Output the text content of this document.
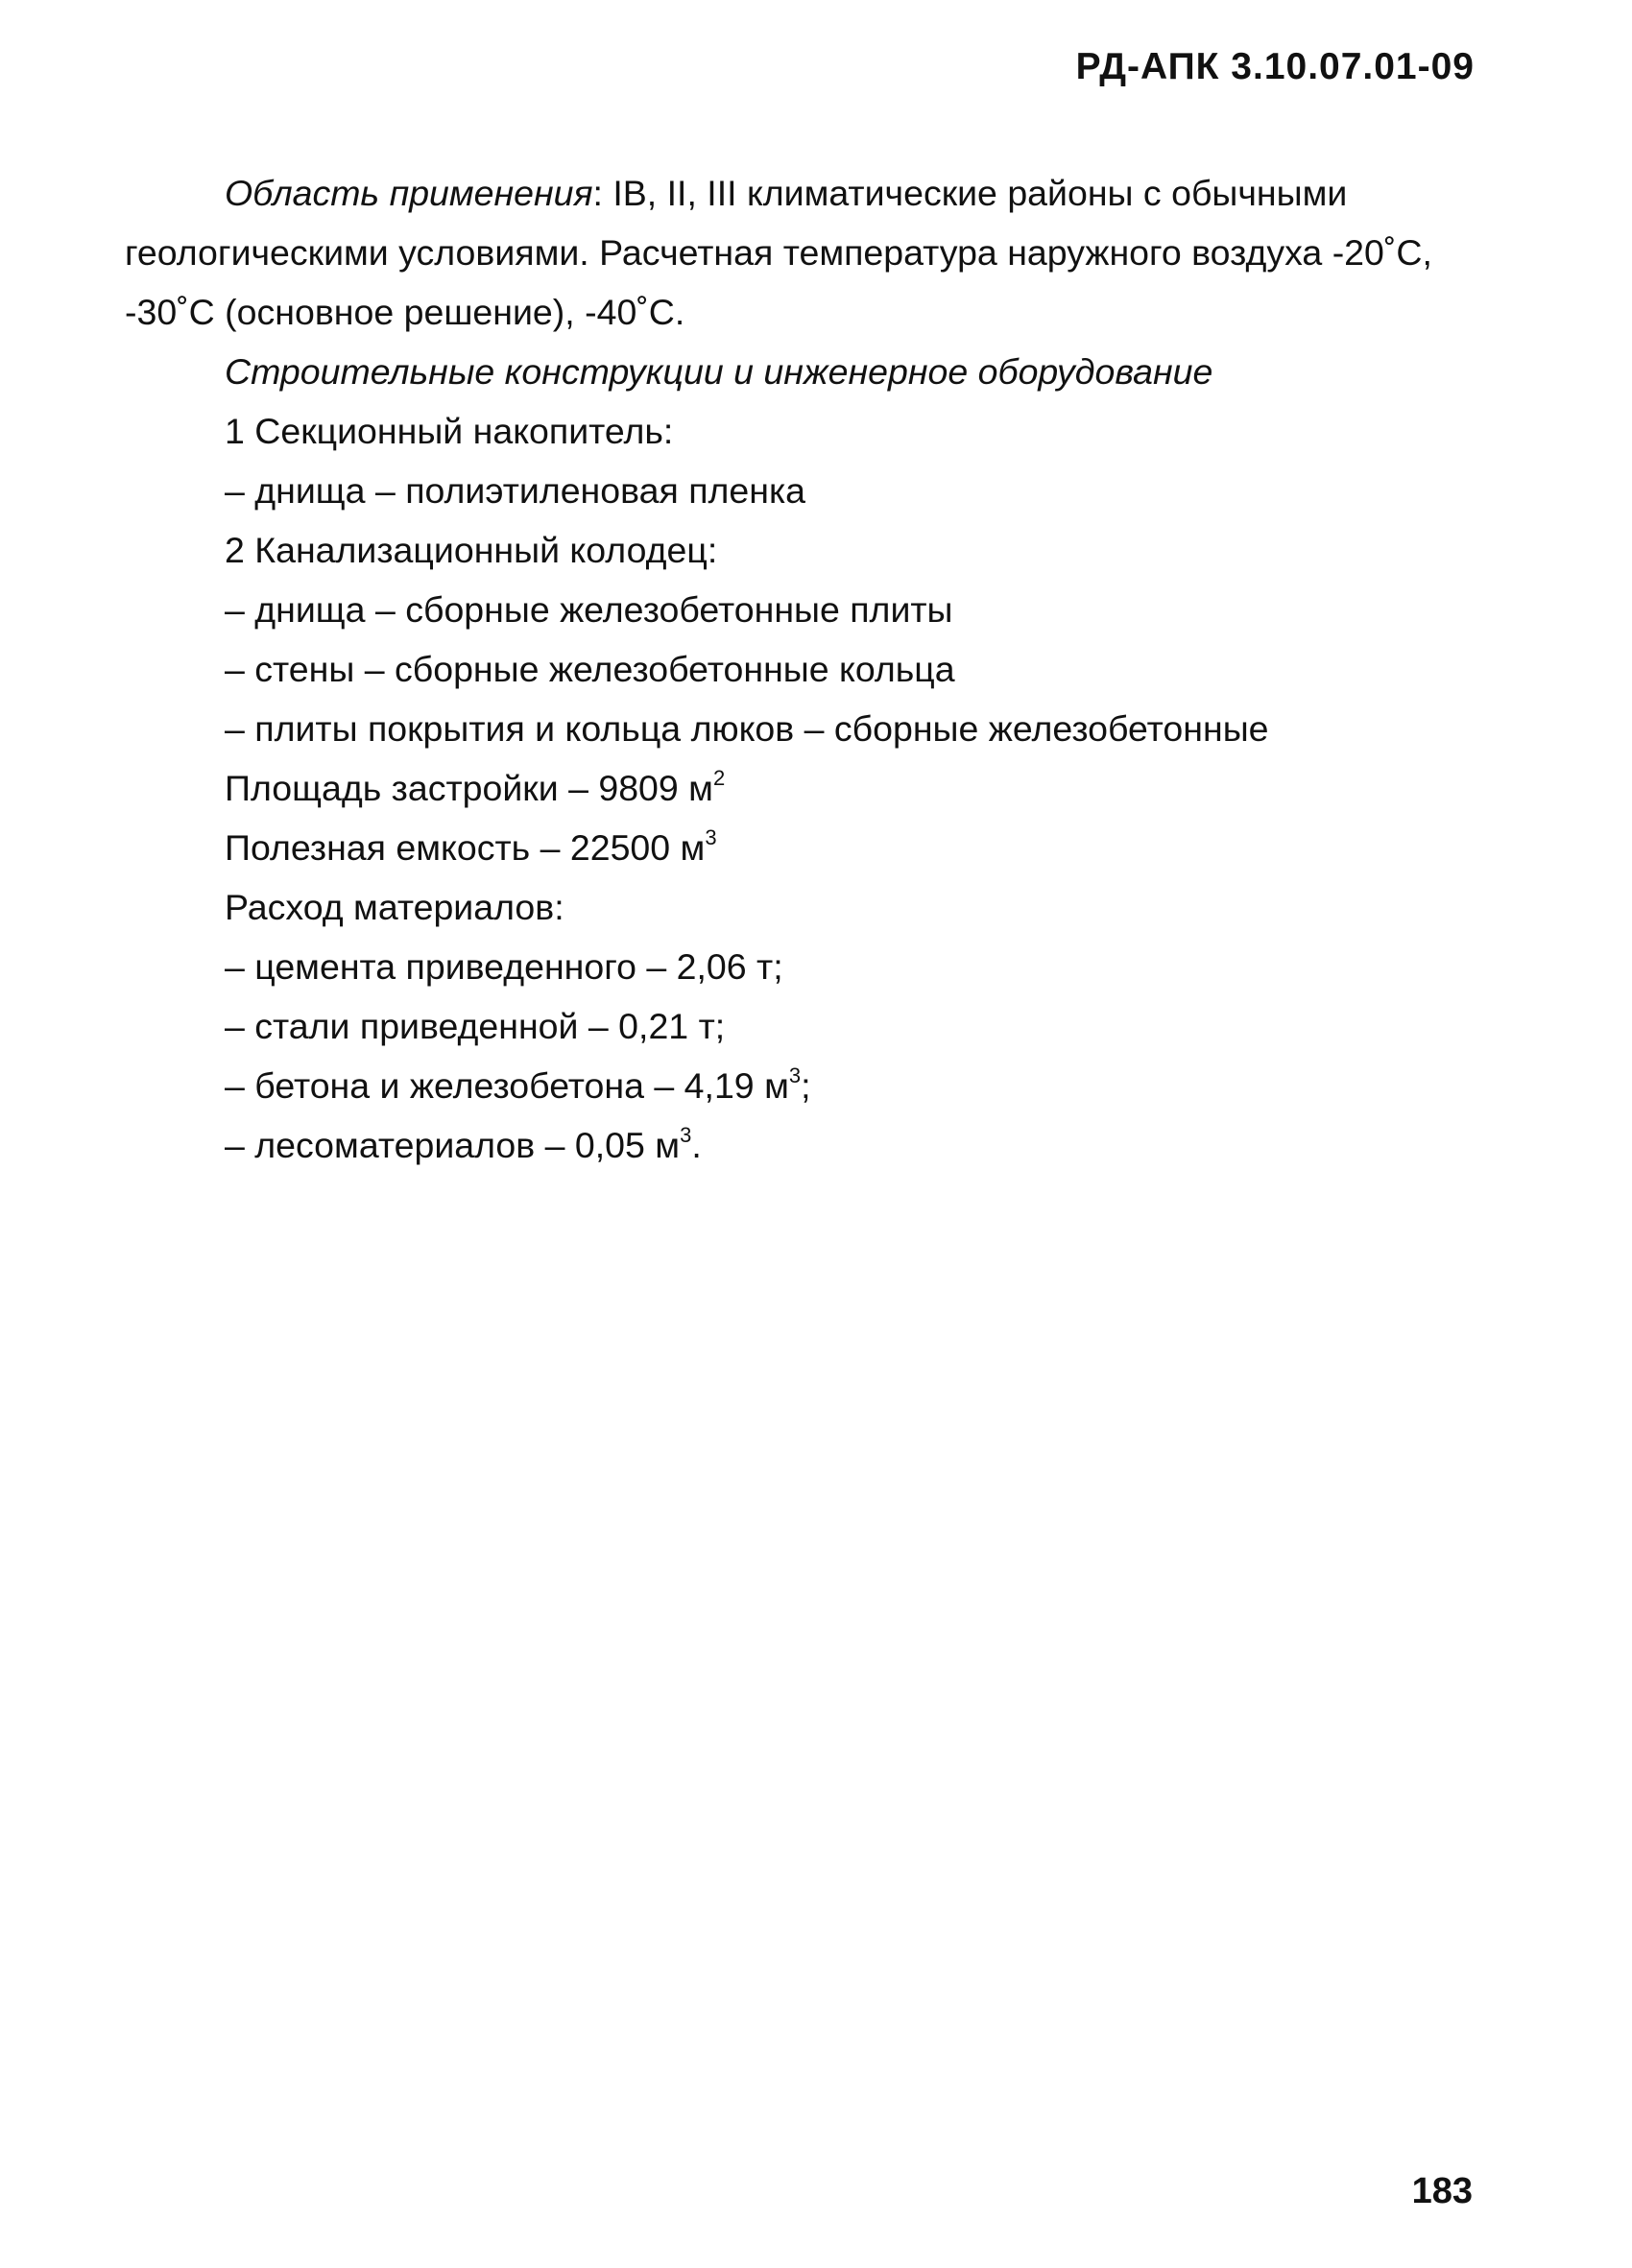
РД-АПК 3.10.07.01-09

Область применения: IВ, II, III климатические районы с обычными геологическими условиями. Расчетная температура наружного воздуха -20˚С, -30˚С (основное решение), -40˚С.

Строительные конструкции и инженерное оборудование

1 Секционный накопитель:

– днища – полиэтиленовая пленка

2 Канализационный колодец:

– днища – сборные железобетонные плиты

– стены – сборные железобетонные кольца

– плиты покрытия и кольца люков – сборные железобетонные

Площадь застройки – 9809 $м^2$

Полезная емкость – 22500 $м^3$

Расход материалов:

– цемента приведенного – 2,06 т;

– стали приведенной – 0,21 т;

– бетона и железобетона – 4,19 $м^3$;

– лесоматериалов – 0,05 $м^3$.

183
